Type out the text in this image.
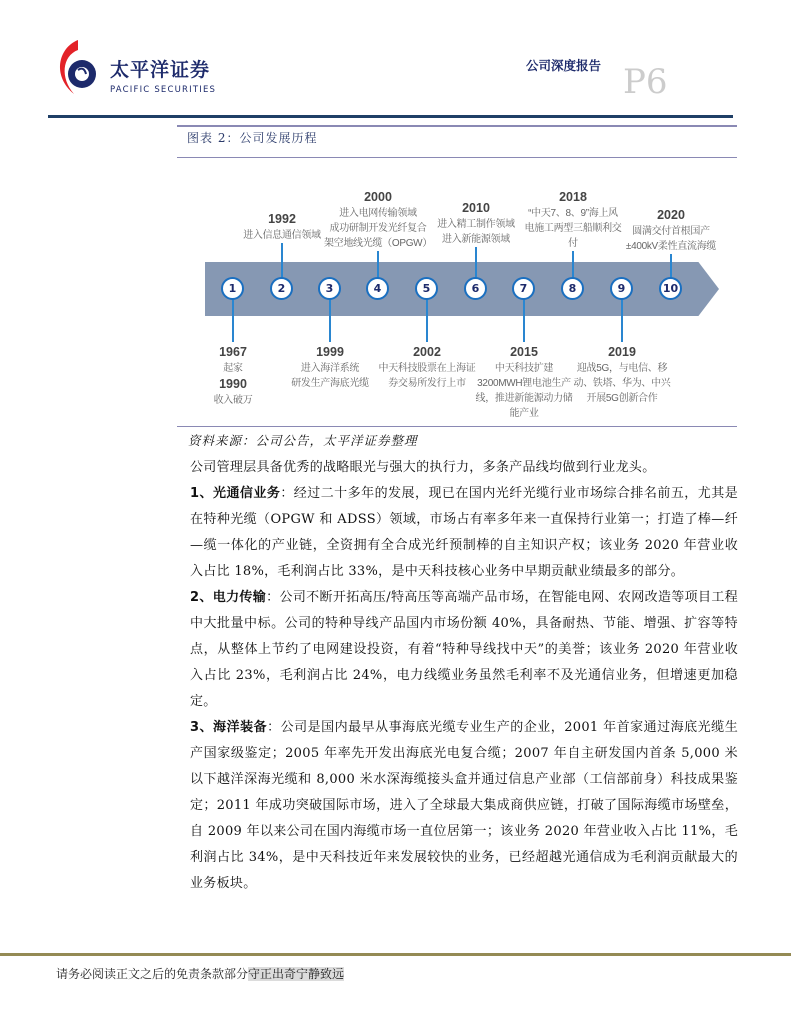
太平洋证券
PACIFIC SECURITIES
公司深度报告 P6
图表 2：公司发展历程
1992
进入信息通信领域
2000
进入电网传输领域
成功研制开发光纤复合
架空地线光缆（OPGW）
2010
进入精工制作领域
进入新能源领域
2018
“中天7、8、9”海上风
电施工两型三船顺利交
付
2020
圆满交付首根国产
±400kV柔性直流海缆
1967
起家
1990
收入破万
1999
进入海洋系统
研发生产海底光缆
2002
中天科技股票在上海证
券交易所发行上市
2015
中天科技扩建
3200MWH锂电池生产
线，推进新能源动力储
能产业
2019
迎战5G，与电信、移
动、铁塔、华为、中兴
开展5G创新合作
2	4	6	8	10
1	3	5	7	9
资料来源：公司公告，太平洋证券整理

公司管理层具备优秀的战略眼光与强大的执行力，多条产品线均做到行业龙头。

1、光通信业务：经过二十多年的发展，现已在国内光纤光缆行业市场综合排名前五，尤其是在特种光缆（OPGW 和 ADSS）领域，市场占有率多年来一直保持行业第一；打造了棒—纤—缆一体化的产业链，全资拥有全合成光纤预制棒的自主知识产权；该业务 2020 年营业收入占比 18%，毛利润占比 33%，是中天科技核心业务中早期贡献业绩最多的部分。

2、电力传输：公司不断开拓高压/特高压等高端产品市场，在智能电网、农网改造等项目工程中大批量中标。公司的特种导线产品国内市场份额 40%，具备耐热、节能、增强、扩容等特点，从整体上节约了电网建设投资，有着“特种导线找中天”的美誉；该业务 2020 年营业收入占比 23%，毛利润占比 24%，电力线缆业务虽然毛利率不及光通信业务，但增速更加稳定。

3、海洋装备：公司是国内最早从事海底光缆专业生产的企业，2001 年首家通过海底光缆生产国家级鉴定；2005 年率先开发出海底光电复合缆；2007 年自主研发国内首条 5,000 米以下越洋深海光缆和 8,000 米水深海缆接头盒并通过信息产业部（工信部前身）科技成果鉴定；2011 年成功突破国际市场，进入了全球最大集成商供应链，打破了国际海缆市场壁垒，自 2009 年以来公司在国内海缆市场一直位居第一；该业务 2020 年营业收入占比 11%，毛利润占比 34%，是中天科技近年来发展较快的业务，已经超越光通信成为毛利润贡献最大的业务板块。

请务必阅读正文之后的免责条款部分守正出奇宁静致远
